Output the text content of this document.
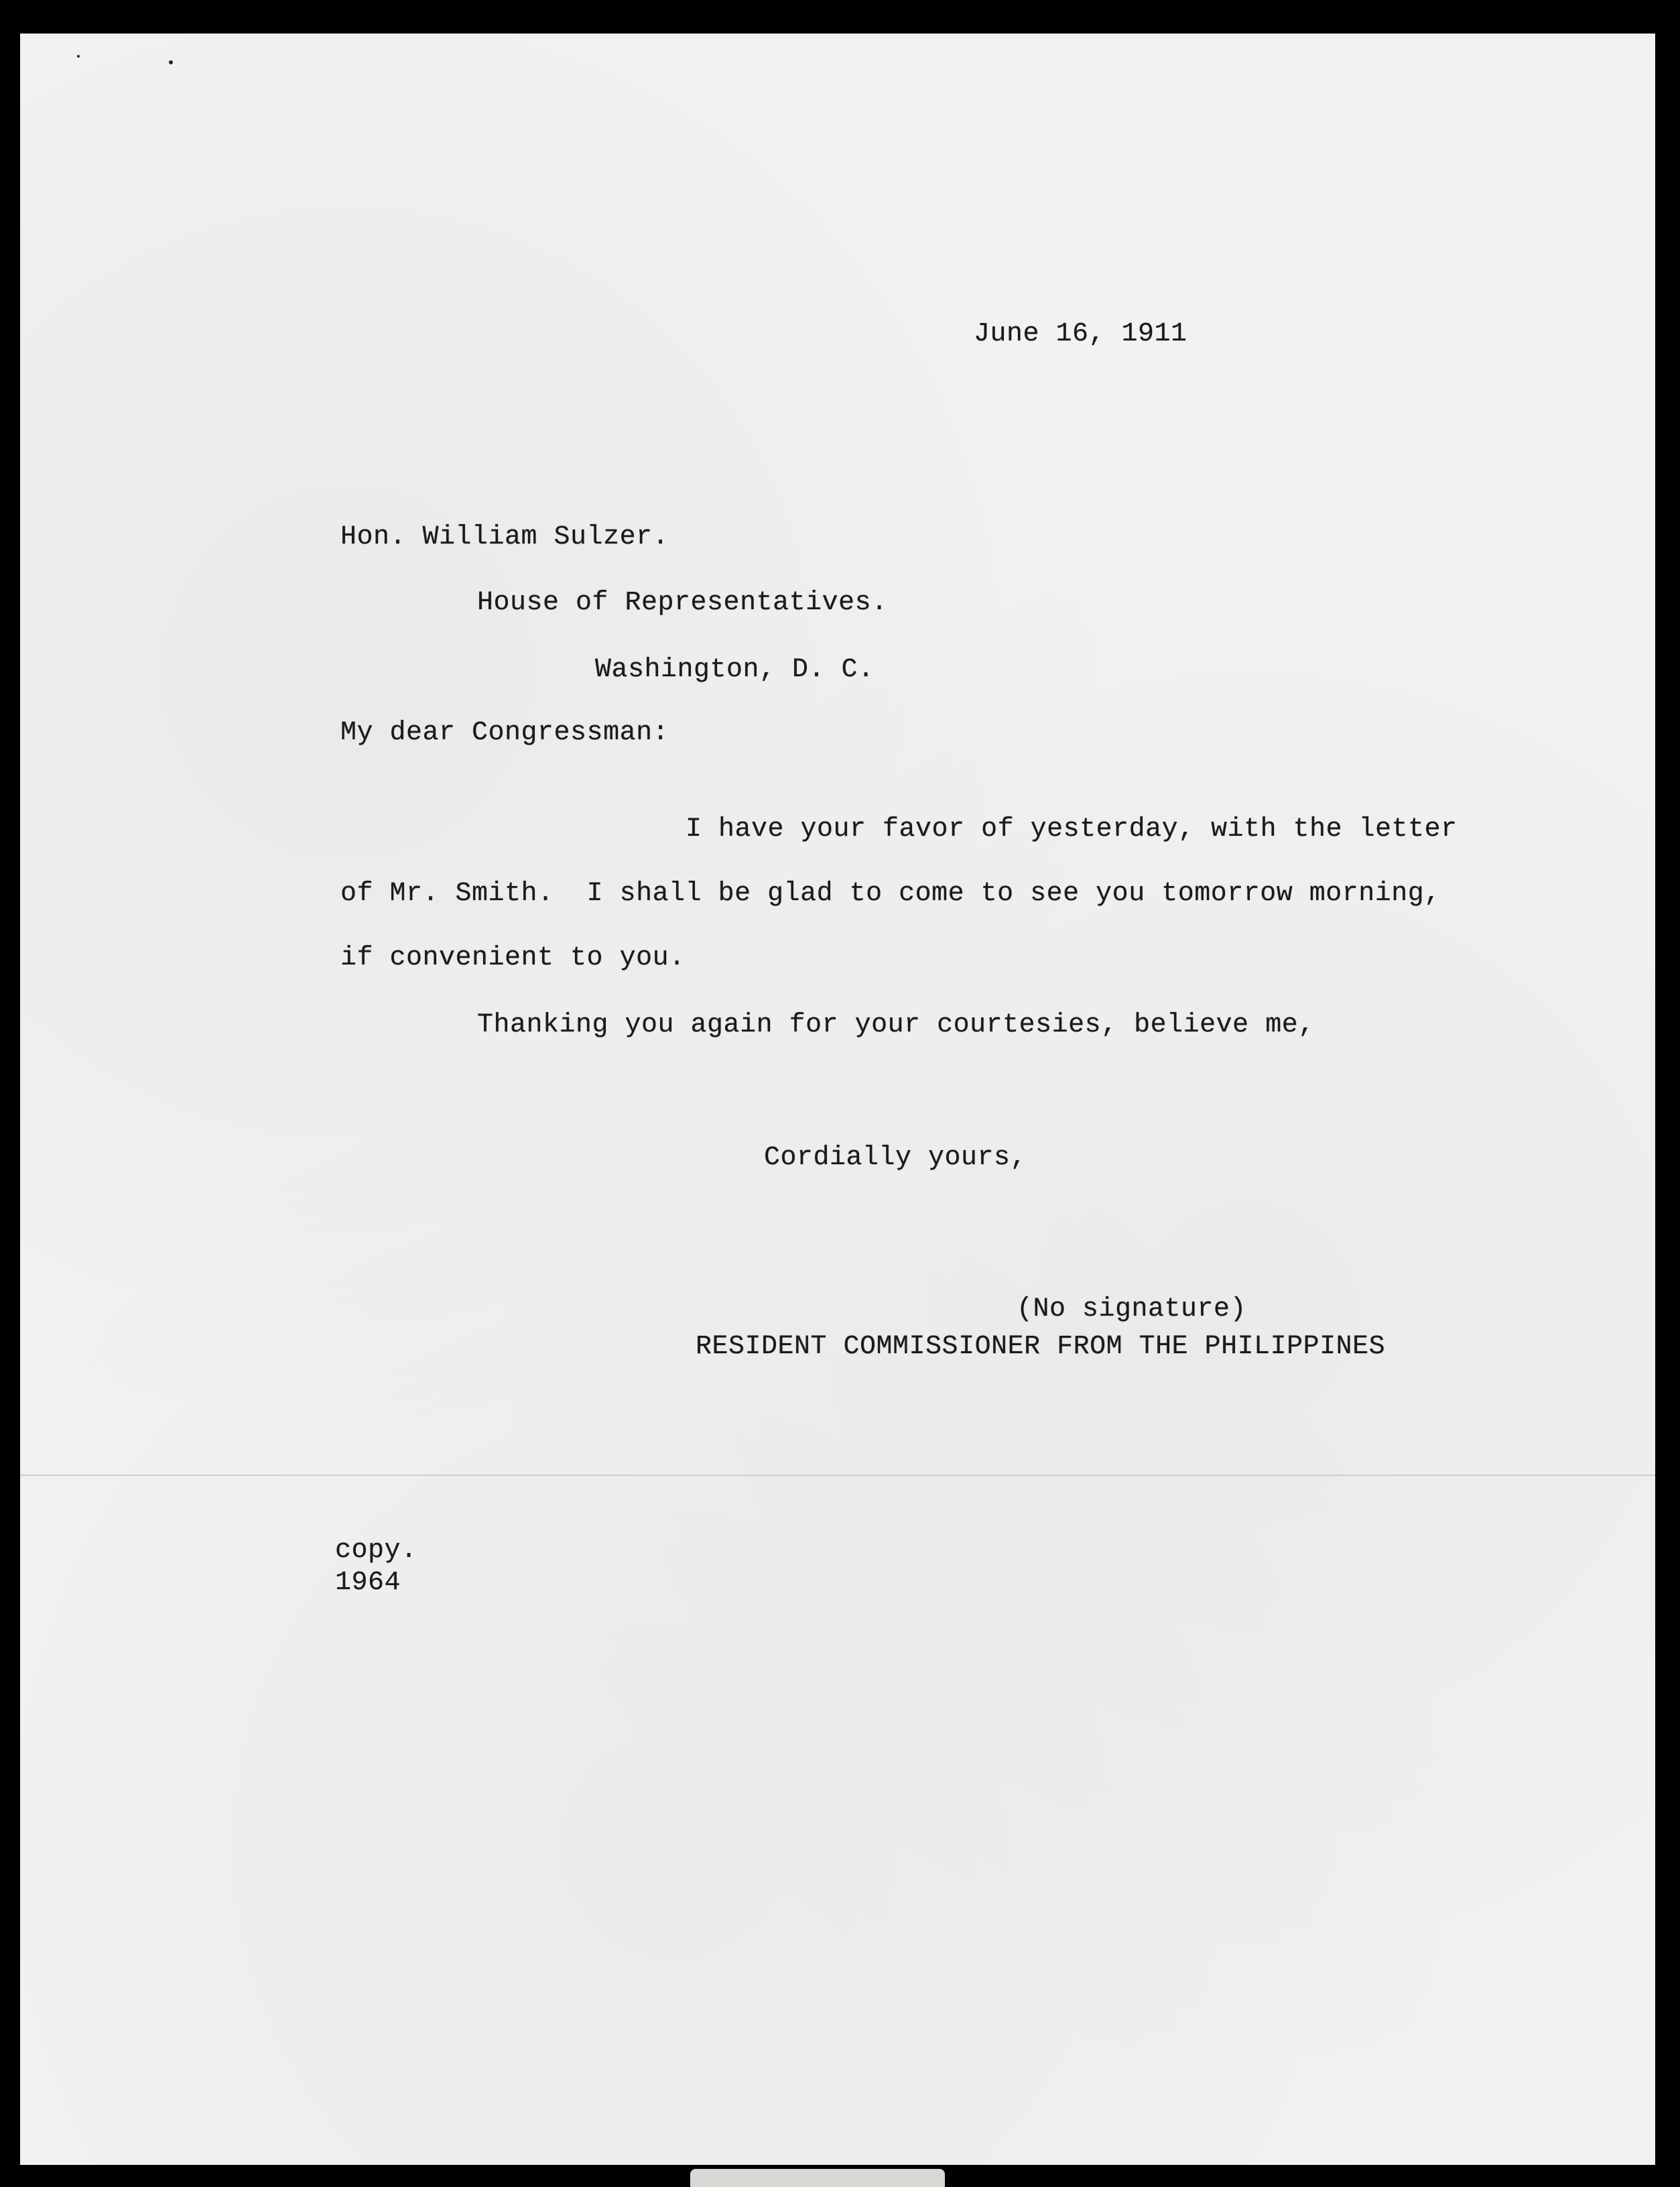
June 16, 1911
Hon. William Sulzer.
House of Representatives.
Washington, D. C.
My dear Congressman:
I have your favor of yesterday, with the letter
of Mr. Smith.  I shall be glad to come to see you tomorrow morning,
if convenient to you.
Thanking you again for your courtesies, believe me,
Cordially yours,
(No signature)
RESIDENT COMMISSIONER FROM THE PHILIPPINES
copy.
1964
